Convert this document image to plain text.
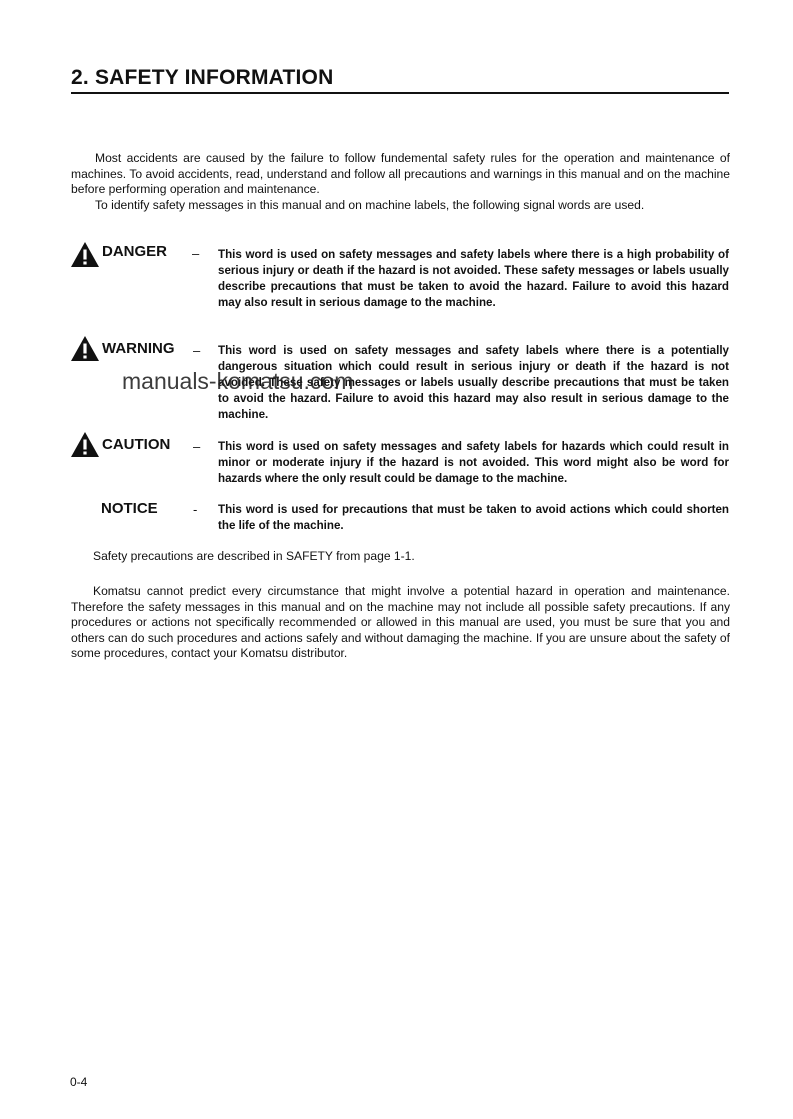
2. SAFETY INFORMATION

Most accidents are caused by the failure to follow fundemental safety rules for the operation and maintenance of machines. To avoid accidents, read, understand and follow all precautions and warnings in this manual and on the machine before performing operation and maintenance.

To identify safety messages in this manual and on machine labels, the following signal words are used.

DANGER – This word is used on safety messages and safety labels where there is a high probability of serious injury or death if the hazard is not avoided. These safety messages or labels usually describe precautions that must be taken to avoid the hazard. Failure to avoid this hazard may also result in serious damage to the machine.
WARNING – This word is used on safety messages and safety labels where there is a potentially dangerous situation which could result in serious injury or death if the hazard is not avoided. These safety messages or labels usually describe precautions that must be taken to avoid the hazard. Failure to avoid this hazard may also result in serious damage to the machine.
CAUTION – This word is used on safety messages and safety labels for hazards which could result in minor or moderate injury if the hazard is not avoided. This word might also be word for hazards where the only result could be damage to the machine.
NOTICE	- This word is used for precautions that must be taken to avoid actions which could shorten the life of the machine.
Safety precautions are described in SAFETY from page 1-1.

Komatsu cannot predict every circumstance that might involve a potential hazard in operation and maintenance. Therefore the safety messages in this manual and on the machine may not include all possible safety precautions. If any procedures or actions not specifically recommended or allowed in this manual are used, you must be sure that you and others can do such procedures and actions safely and without damaging the machine. If you are unsure about the safety of some procedures, contact your Komatsu distributor.

manuals-komatsu.com
0-4
